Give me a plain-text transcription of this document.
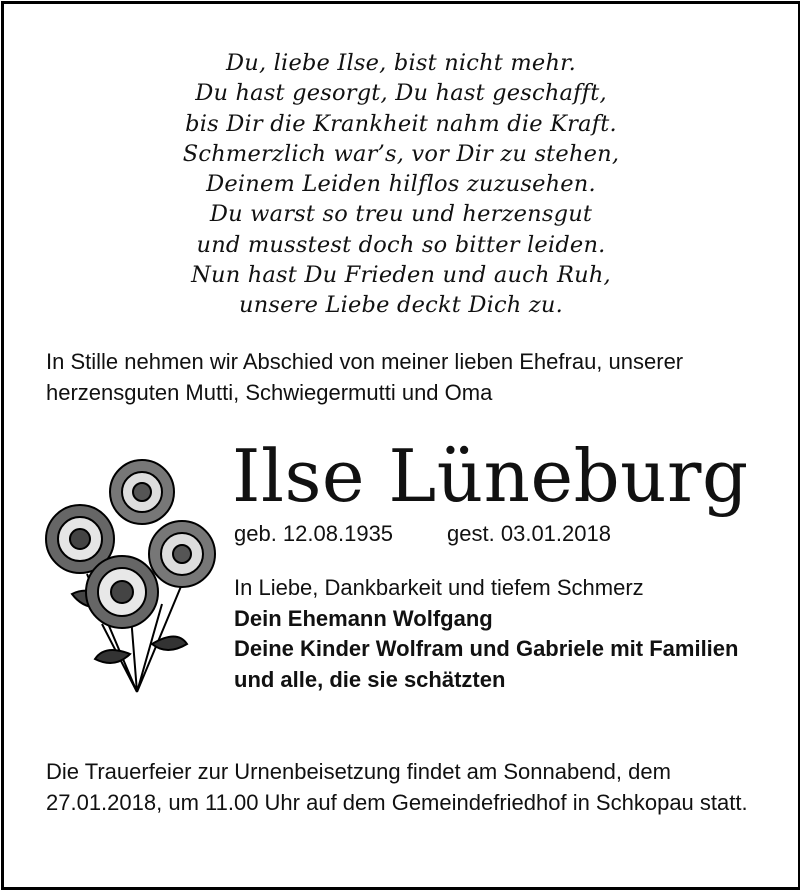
Du, liebe Ilse, bist nicht mehr.
Du hast gesorgt, Du hast geschafft,
bis Dir die Krankheit nahm die Kraft.
Schmerzlich war’s, vor Dir zu stehen,
Deinem Leiden hilflos zuzusehen.
Du warst so treu und herzensgut
und musstest doch so bitter leiden.
Nun hast Du Frieden und auch Ruh,
unsere Liebe deckt Dich zu.
In Stille nehmen wir Abschied von meiner lieben Ehefrau, unserer herzensguten Mutti, Schwiegermutti und Oma
Ilse Lüneburg
geb. 12.08.1935 gest. 03.01.2018
In Liebe, Dankbarkeit und tiefem Schmerz
Dein Ehemann Wolfgang
Deine Kinder Wolfram und Gabriele mit Familien
und alle, die sie schätzten
Die Trauerfeier zur Urnenbeisetzung findet am Sonnabend, dem 27.01.2018, um 11.00 Uhr auf dem Gemeindefriedhof in Schkopau statt.
